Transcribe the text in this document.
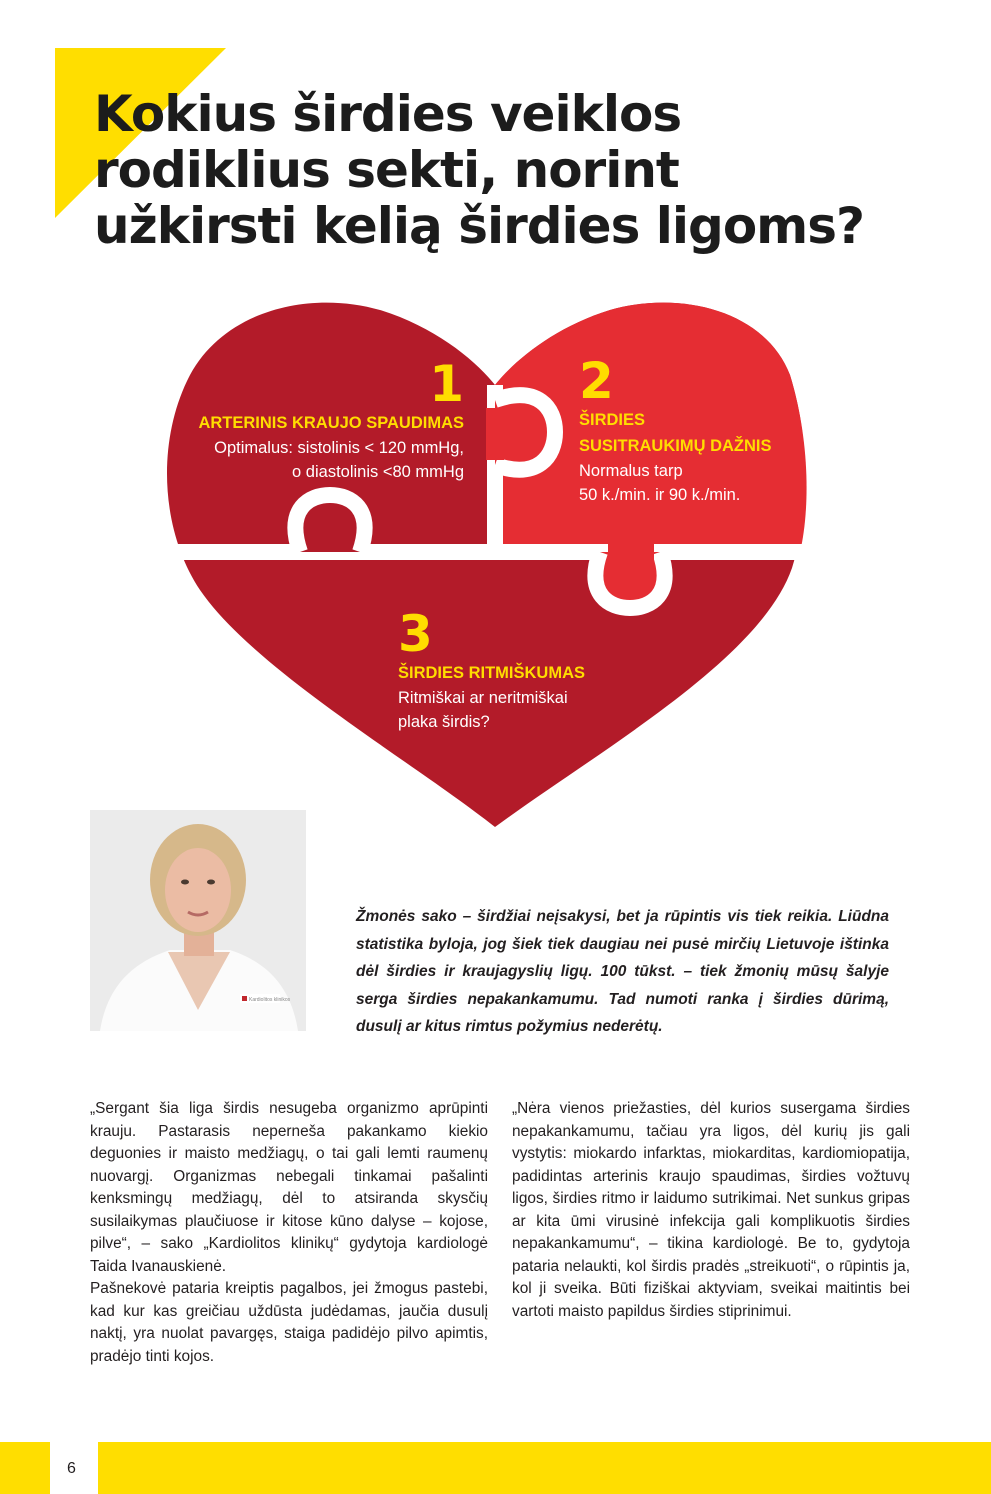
Kokius širdies veiklos
rodiklius sekti, norint
užkirsti kelią širdies ligoms?
1
ARTERINIS KRAUJO SPAUDIMAS
Optimalus: sistolinis < 120 mmHg,
o diastolinis <80 mmHg
2
ŠIRDIES
SUSITRAUKIMŲ DAŽNIS
Normalus tarp
50 k./min. ir 90 k./min.
3
ŠIRDIES RITMIŠKUMAS
Ritmiškai ar neritmiškai
plaka širdis?
Kardiolitos klinikos

Žmonės sako – širdžiai neįsakysi, bet ja rūpintis vis tiek reikia. Liūdna statistika byloja, jog šiek tiek daugiau nei pusė mirčių Lietuvoje ištinka dėl širdies ir kraujagyslių ligų. 100 tūkst. – tiek žmonių mūsų šalyje serga širdies nepakankamumu. Tad numoti ranka į širdies dūrimą, dusulį ar kitus rimtus požymius nederėtų.

„Sergant šia liga širdis nesugeba organizmo aprūpinti krauju. Pastarasis neperneša pakankamo kiekio deguonies ir maisto medžiagų, o tai gali lemti raumenų nuovargį. Organizmas nebegali tinkamai pašalinti kenksmingų medžiagų, dėl to atsiranda skysčių susilaikymas plaučiuose ir kitose kūno dalyse – kojose, pilve“, – sako „Kardiolitos klinikų“ gydytoja kardiologė Taida Ivanauskienė.

Pašnekovė pataria kreiptis pagalbos, jei žmogus pastebi, kad kur kas greičiau uždūsta judėdamas, jaučia dusulį naktį, yra nuolat pavargęs, staiga padidėjo pilvo apimtis, pradėjo tinti kojos.

„Nėra vienos priežasties, dėl kurios susergama širdies nepakankamumu, tačiau yra ligos, dėl kurių jis gali vystytis: miokardo infarktas, miokarditas, kardiomiopatija, padidintas arterinis kraujo spaudimas, širdies vožtuvų ligos, širdies ritmo ir laidumo sutrikimai. Net sunkus gripas ar kita ūmi virusinė infekcija gali komplikuotis širdies nepakankamumu“, – tikina kardiologė. Be to, gydytoja pataria nelaukti, kol širdis pradės „streikuoti“, o rūpintis ja, kol ji sveika. Būti fiziškai aktyviam, sveikai maitintis bei vartoti maisto papildus širdies stiprinimui.

6
